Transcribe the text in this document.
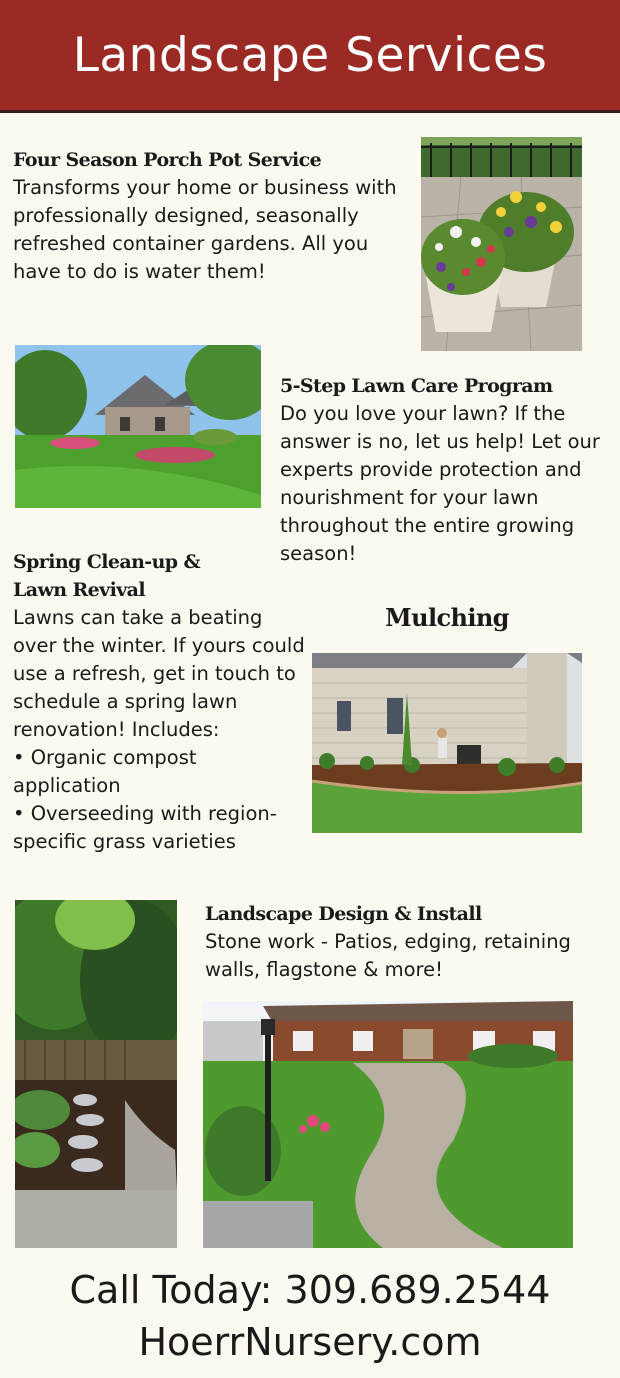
Landscape Services

Four Season Porch Pot Service

Transforms your home or business with professionally designed, seasonally refreshed container gardens. All you have to do is water them!

5-Step Lawn Care Program

Do you love your lawn? If the answer is no, let us help! Let our experts provide protection and nourishment for your lawn throughout the entire growing season!

Spring Clean-up &

Lawn Revival

Lawns can take a beating over the winter. If yours could use a refresh, get in touch to schedule a spring lawn renovation! Includes:

• Organic compost application

• Overseeding with region-specific grass varieties

Mulching

Landscape Design & Install

Stone work - Patios, edging, retaining walls, flagstone & more!

Call Today: 309.689.2544
HoerrNursery.com
